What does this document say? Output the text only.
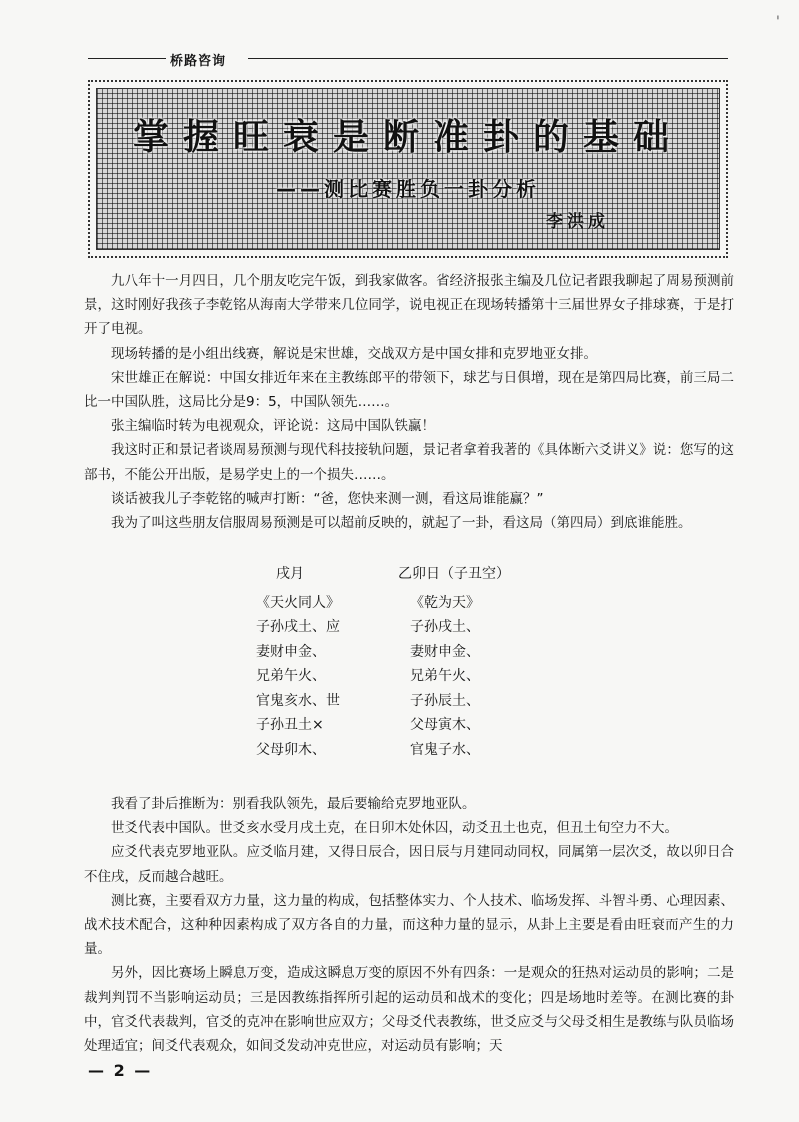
'
桥路咨询
掌握旺衰是断准卦的基础
——测比赛胜负一卦分析
李洪成

九八年十一月四日，几个朋友吃完午饭，到我家做客。省经济报张主编及几位记者跟我聊起了周易预测前景，这时刚好我孩子李乾铭从海南大学带来几位同学，说电视正在现场转播第十三届世界女子排球赛，于是打开了电视。

现场转播的是小组出线赛，解说是宋世雄，交战双方是中国女排和克罗地亚女排。

宋世雄正在解说：中国女排近年来在主教练郎平的带领下，球艺与日俱增，现在是第四局比赛，前三局二比一中国队胜，这局比分是9：5，中国队领先……。

张主编临时转为电视观众，评论说：这局中国队铁赢！

我这时正和景记者谈周易预测与现代科技接轨问题，景记者拿着我著的《具体断六爻讲义》说：您写的这部书，不能公开出版，是易学史上的一个损失……。

谈话被我儿子李乾铭的喊声打断：“爸，您快来测一测，看这局谁能赢？”

我为了叫这些朋友信服周易预测是可以超前反映的，就起了一卦，看这局（第四局）到底谁能胜。

戌月
《天火同人》
子孙戌土、应
妻财申金、
兄弟午火、
官鬼亥水、世
子孙丑土×
父母卯木、
乙卯日（子丑空）
《乾为天》
子孙戌土、
妻财申金、
兄弟午火、
子孙辰土、
父母寅木、
官鬼子水、

我看了卦后推断为：别看我队领先，最后要输给克罗地亚队。

世爻代表中国队。世爻亥水受月戌土克，在日卯木处休囚，动爻丑土也克，但丑土旬空力不大。

应爻代表克罗地亚队。应爻临月建，又得日辰合，因日辰与月建同动同权，同属第一层次爻，故以卯日合不住戌，反而越合越旺。

测比赛，主要看双方力量，这力量的构成，包括整体实力、个人技术、临场发挥、斗智斗勇、心理因素、战术技术配合，这种种因素构成了双方各自的力量，而这种力量的显示，从卦上主要是看由旺衰而产生的力量。

另外，因比赛场上瞬息万变，造成这瞬息万变的原因不外有四条：一是观众的狂热对运动员的影响；二是裁判判罚不当影响运动员；三是因教练指挥所引起的运动员和战术的变化；四是场地时差等。在测比赛的卦中，官爻代表裁判，官爻的克冲在影响世应双方；父母爻代表教练，世爻应爻与父母爻相生是教练与队员临场处理适宜；间爻代表观众，如间爻发动冲克世应，对运动员有影响；天

— 2 —
